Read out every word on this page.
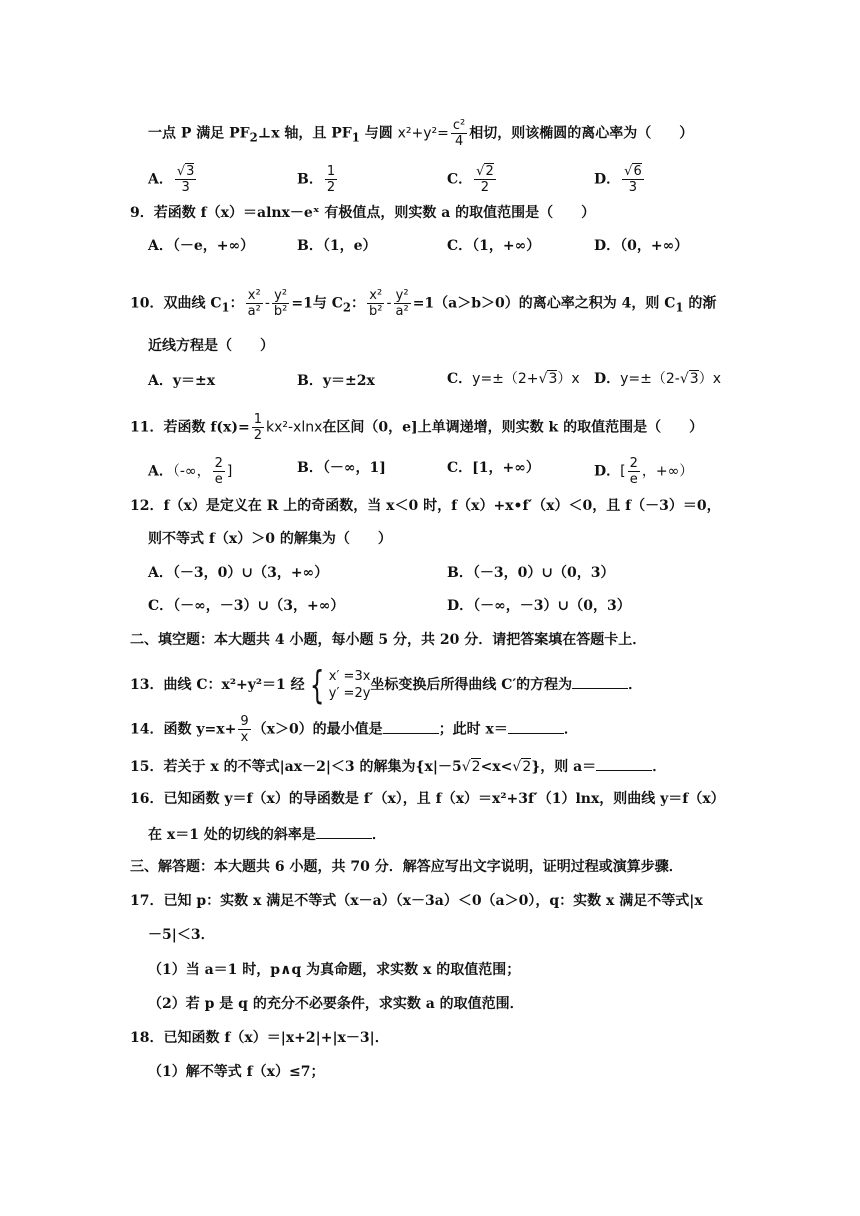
一点 P 满足 $PF_2\perp x$ 轴，且 $PF_1$ 与圆 $x^2+y^2= \frac{\text{c²}}{4}$ 相切，则该椭圆的离心率为（　　）
A． √ $\frac{3}{3}$	B． $\frac{1}{2}$	C． √ $\frac{2}{2}$	D． √ $\frac{6}{3}$
9．若函数 f（x）＝alnx－eˣ 有极值点，则实数 a 的取值范围是（　　）
A．（－e，+∞）	B．（1，e）	C．（1，+∞）	D．（0，+∞）
10．双曲线 $C_1$： $\frac{\text{x²}}{\text{a²}} - \frac{\text{y²}}{\text{b²}} =1$与 $C_2$： $\frac{\text{x²}}{\text{b²}} - \frac{\text{y²}}{\text{a²}} =1(a>b>0)$的离心率之积为 4，则 $C_1$ 的渐
近线方程是（　　）
A．y＝±x	B．y＝±2x	C．y=±（2+ √ 3）x D．y=±（2- √ 3）x
11．若函数 $f(x)= \frac{1}{2} kx^2-xlnx$在区间（0，e]上单调递增，则实数 k 的取值范围是（　　）
A．（-∞， $\frac{2}{e}$ ]	B．（－∞，1]	C．[1，+∞）	D．[ $\frac{2}{e}$ ，+∞）
12．f（x）是定义在 R 上的奇函数，当 x＜0 时，f（x）+x•f′（x）＜0，且 f（－3）＝0，
则不等式 f（x）＞0 的解集为（　　）
A．（－3，0）∪（3，+∞）	B．（－3，0）∪（0，3）
C．（－∞，－3）∪（3，+∞）	D．（－∞，－3）∪（0，3）
二、填空题：本大题共 4 小题，每小题 5 分，共 20 分．请把答案填在答题卡上．
13．曲线 C：x²+y²＝1 经 { x′ =3x
y′ =2y
坐标变换后所得曲线 C′的方程为	．
14．函数 $y=x+ \frac{9}{x} (x>0)$的最小值是	；此时 x＝	．
15．若关于 x 的不等式|ax－2|＜3 的解集为{x|－5 √ 2<x< √ 2}，则 a＝	．
16．已知函数 y＝f（x）的导函数是 f′（x），且 f（x）＝x²+3f′（1）lnx，则曲线 y＝f（x）
在 x＝1 处的切线的斜率是	．
三、解答题：本大题共 6 小题，共 70 分．解答应写出文字说明，证明过程或演算步骤．
17．已知 p：实数 x 满足不等式（x－a）（x－3a）＜0（a＞0），q：实数 x 满足不等式|x
－5|＜3．
（1）当 a＝1 时，p∧q 为真命题，求实数 x 的取值范围；
（2）若 p 是 q 的充分不必要条件，求实数 a 的取值范围．
18．已知函数 f（x）＝|x+2|+|x－3|．
（1）解不等式 f（x）≤7；
